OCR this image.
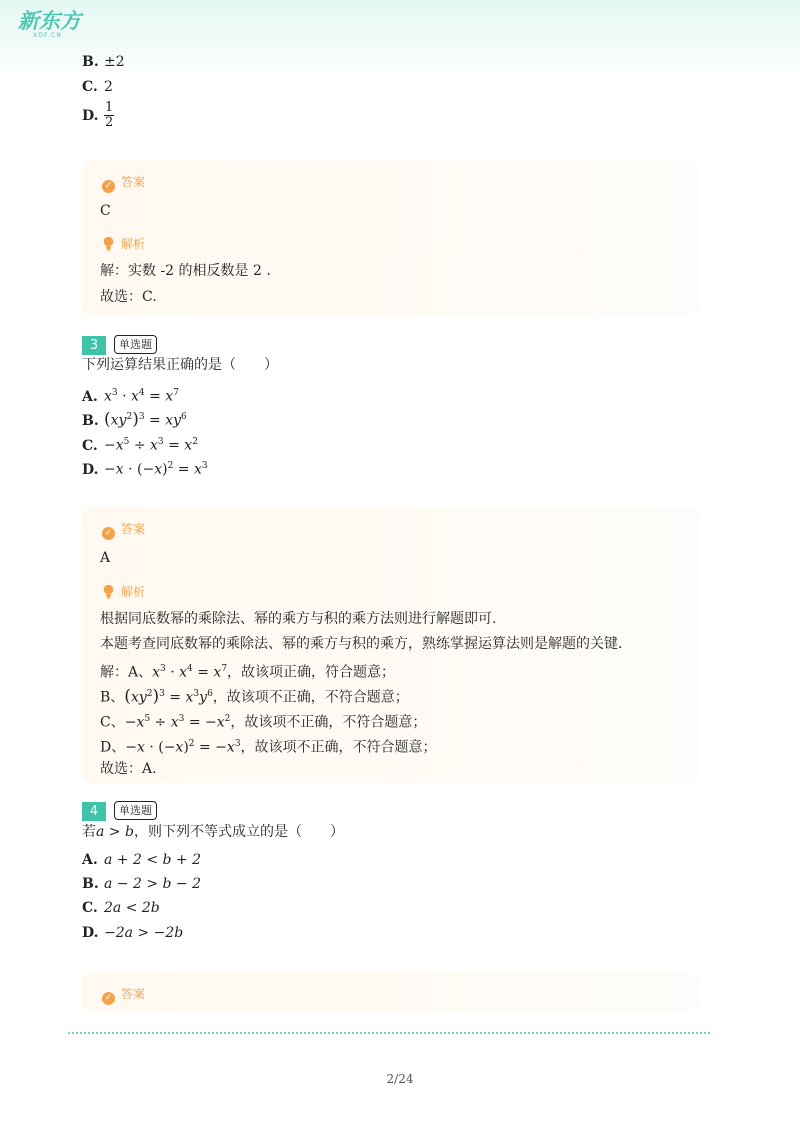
新东方
XDF.CN
B. ±2
C. 2
D. $\frac{1}{2}$
✓ 答案
C
解析
解：实数 -2 的相反数是 2 .
故选：C.
3	单选题
下列运算结果正确的是（　　）
A. $x^3 \cdot x^4 = x^7$
B. $(xy^2)^3 = xy^6$
C. $-x^5 \div x^3 = x^2$
D. $-x \cdot (-x)^2 = x^3$
✓ 答案
A
解析
根据同底数幂的乘除法、幂的乘方与积的乘方法则进行解题即可.
本题考查同底数幂的乘除法、幂的乘方与积的乘方，熟练掌握运算法则是解题的关键.
解：A、$x^3 \cdot x^4 = x^7$，故该项正确，符合题意；
B、$(xy^2)^3 = x^3y^6$，故该项不正确，不符合题意；
C、$-x^5 \div x^3 = -x^2$，故该项不正确，不符合题意；
D、$-x \cdot (-x)^2 = -x^3$，故该项不正确，不符合题意；
故选：A.
4	单选题
若a > b，则下列不等式成立的是（　　）
A. a + 2 < b + 2
B. a − 2 > b − 2
C. 2a < 2b
D. −2a > −2b
✓ 答案
2/24
